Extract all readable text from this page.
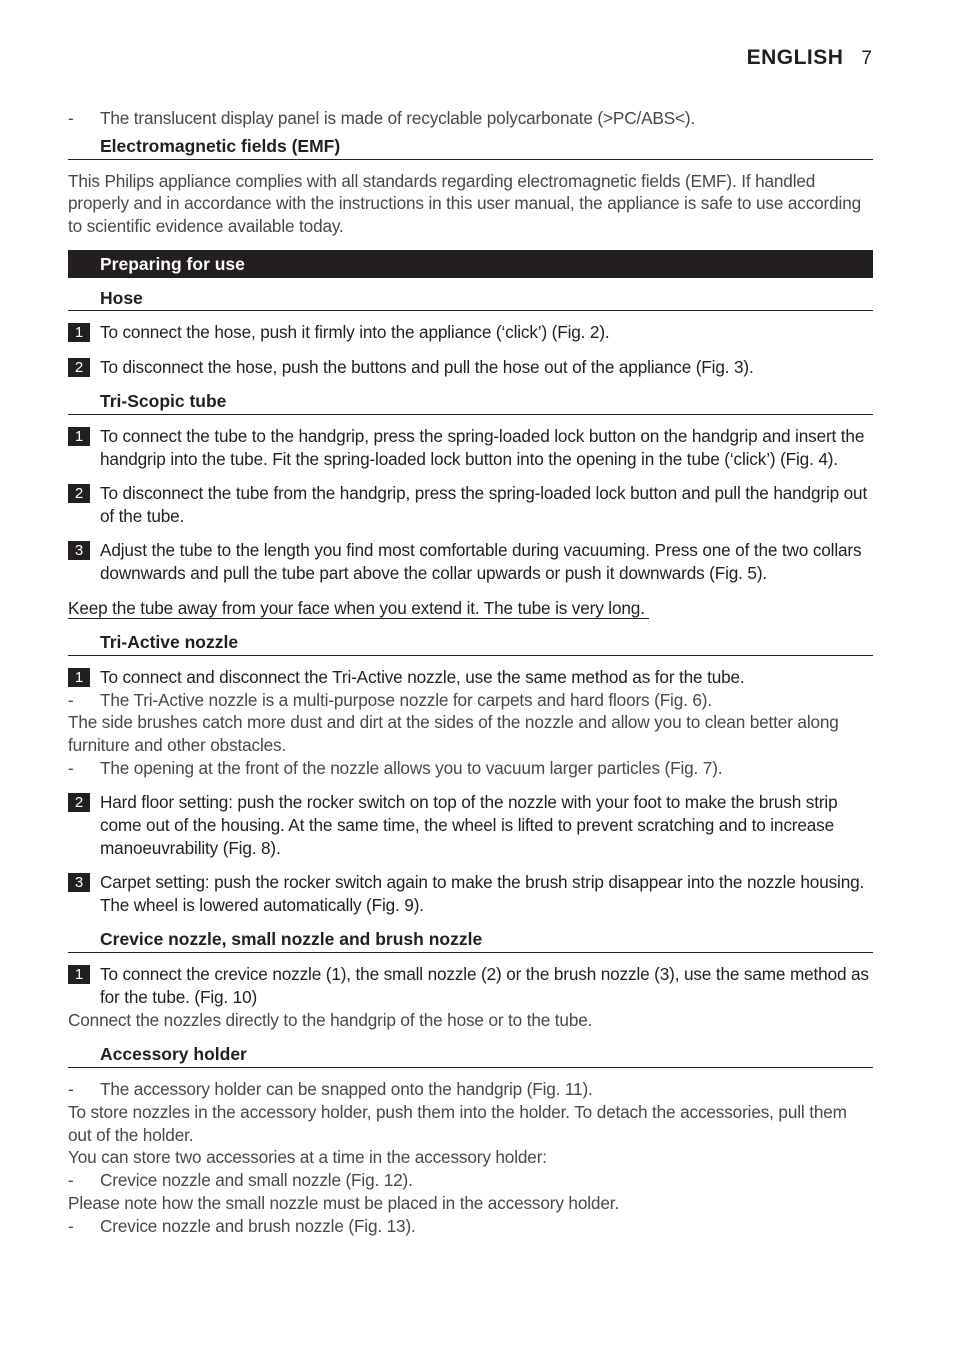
ENGLISH 7
-	The translucent display panel is made of recyclable polycarbonate (>PC/ABS<).
Electromagnetic fields (EMF)

This Philips appliance complies with all standards regarding electromagnetic fields (EMF). If handled properly and in accordance with the instructions in this user manual, the appliance is safe to use according to scientific evidence available today.

Preparing for use
Hose
1 To connect the hose, push it firmly into the appliance (‘click’) (Fig. 2).
2 To disconnect the hose, push the buttons and pull the hose out of the appliance (Fig. 3).
Tri-Scopic tube
1 To connect the tube to the handgrip, press the spring-loaded lock button on the handgrip and insert the handgrip into the tube. Fit the spring-loaded lock button into the opening in the tube (‘click’) (Fig. 4).
2 To disconnect the tube from the handgrip, press the spring-loaded lock button and pull the handgrip out of the tube.
3 Adjust the tube to the length you find most comfortable during vacuuming. Press one of the two collars downwards and pull the tube part above the collar upwards or push it downwards (Fig. 5).

Keep the tube away from your face when you extend it. The tube is very long.

Tri-Active nozzle
1 To connect and disconnect the Tri-Active nozzle, use the same method as for the tube.
-	The Tri-Active nozzle is a multi-purpose nozzle for carpets and hard floors (Fig. 6).

The side brushes catch more dust and dirt at the sides of the nozzle and allow you to clean better along furniture and other obstacles.

-	The opening at the front of the nozzle allows you to vacuum larger particles (Fig. 7).
2 Hard floor setting: push the rocker switch on top of the nozzle with your foot to make the brush strip come out of the housing. At the same time, the wheel is lifted to prevent scratching and to increase manoeuvrability (Fig. 8).
3 Carpet setting: push the rocker switch again to make the brush strip disappear into the nozzle housing. The wheel is lowered automatically (Fig. 9).
Crevice nozzle, small nozzle and brush nozzle
1 To connect the crevice nozzle (1), the small nozzle (2) or the brush nozzle (3), use the same method as for the tube. (Fig. 10)

Connect the nozzles directly to the handgrip of the hose or to the tube.

Accessory holder
-	The accessory holder can be snapped onto the handgrip (Fig. 11).

To store nozzles in the accessory holder, push them into the holder. To detach the accessories, pull them out of the holder.

You can store two accessories at a time in the accessory holder:

-	Crevice nozzle and small nozzle (Fig. 12).

Please note how the small nozzle must be placed in the accessory holder.

-	Crevice nozzle and brush nozzle (Fig. 13).
